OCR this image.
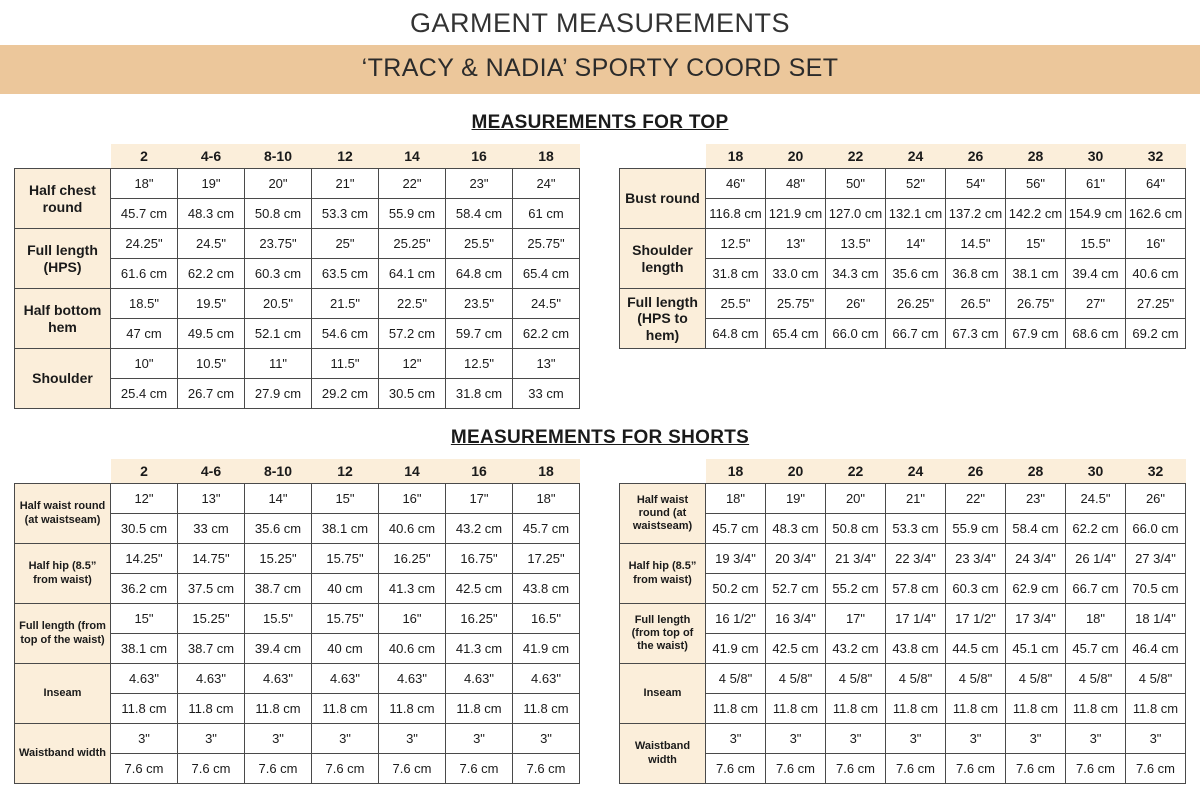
GARMENT MEASUREMENTS
‘TRACY & NADIA’ SPORTY COORD SET
MEASUREMENTS FOR TOP
	2	4-6	8-10	12	14	16	18
Half chest round	18"	19"	20"	21"	22"	23"	24"
	45.7 cm	48.3 cm	50.8 cm	53.3 cm	55.9 cm	58.4 cm	61 cm
Full length (HPS)	24.25"	24.5"	23.75"	25"	25.25"	25.5"	25.75"
	61.6 cm	62.2 cm	60.3 cm	63.5 cm	64.1 cm	64.8 cm	65.4 cm
Half bottom hem	18.5"	19.5"	20.5"	21.5"	22.5"	23.5"	24.5"
	47 cm	49.5 cm	52.1 cm	54.6 cm	57.2 cm	59.7 cm	62.2 cm
Shoulder	10"	10.5"	11"	11.5"	12"	12.5"	13"
	25.4 cm	26.7 cm	27.9 cm	29.2 cm	30.5 cm	31.8 cm	33 cm
	18	20	22	24	26	28	30	32
Bust round	46"	48"	50"	52"	54"	56"	61"	64"
	116.8 cm	121.9 cm	127.0 cm	132.1 cm	137.2 cm	142.2 cm	154.9 cm	162.6 cm
Shoulder length	12.5"	13"	13.5"	14"	14.5"	15"	15.5"	16"
	31.8 cm	33.0 cm	34.3 cm	35.6 cm	36.8 cm	38.1 cm	39.4 cm	40.6 cm
Full length (HPS to hem)	25.5"	25.75"	26"	26.25"	26.5"	26.75"	27"	27.25"
	64.8 cm	65.4 cm	66.0 cm	66.7 cm	67.3 cm	67.9 cm	68.6 cm	69.2 cm
MEASUREMENTS FOR SHORTS
	2	4-6	8-10	12	14	16	18
Half waist round (at waistseam)	12"	13"	14"	15"	16"	17"	18"
	30.5 cm	33 cm	35.6 cm	38.1 cm	40.6 cm	43.2 cm	45.7 cm
Half hip (8.5” from waist)	14.25"	14.75"	15.25"	15.75"	16.25"	16.75"	17.25"
	36.2 cm	37.5 cm	38.7 cm	40 cm	41.3 cm	42.5 cm	43.8 cm
Full length (from top of the waist)	15"	15.25"	15.5"	15.75"	16"	16.25"	16.5"
	38.1 cm	38.7 cm	39.4 cm	40 cm	40.6 cm	41.3 cm	41.9 cm
Inseam	4.63"	4.63"	4.63"	4.63"	4.63"	4.63"	4.63"
	11.8 cm	11.8 cm	11.8 cm	11.8 cm	11.8 cm	11.8 cm	11.8 cm
Waistband width	3"	3"	3"	3"	3"	3"	3"
	7.6 cm	7.6 cm	7.6 cm	7.6 cm	7.6 cm	7.6 cm	7.6 cm
	18	20	22	24	26	28	30	32
Half waist round (at waistseam)	18"	19"	20"	21"	22"	23"	24.5"	26"
	45.7 cm	48.3 cm	50.8 cm	53.3 cm	55.9 cm	58.4 cm	62.2 cm	66.0 cm
Half hip (8.5” from waist)	19 3/4"	20 3/4"	21 3/4"	22 3/4"	23 3/4"	24 3/4"	26 1/4"	27 3/4"
	50.2 cm	52.7 cm	55.2 cm	57.8 cm	60.3 cm	62.9 cm	66.7 cm	70.5 cm
Full length (from top of the waist)	16 1/2"	16 3/4"	17"	17 1/4"	17 1/2"	17 3/4"	18"	18 1/4"
	41.9 cm	42.5 cm	43.2 cm	43.8 cm	44.5 cm	45.1 cm	45.7 cm	46.4 cm
Inseam	4 5/8"	4 5/8"	4 5/8"	4 5/8"	4 5/8"	4 5/8"	4 5/8"	4 5/8"
	11.8 cm	11.8 cm	11.8 cm	11.8 cm	11.8 cm	11.8 cm	11.8 cm	11.8 cm
Waistband width	3"	3"	3"	3"	3"	3"	3"	3"
	7.6 cm	7.6 cm	7.6 cm	7.6 cm	7.6 cm	7.6 cm	7.6 cm	7.6 cm
